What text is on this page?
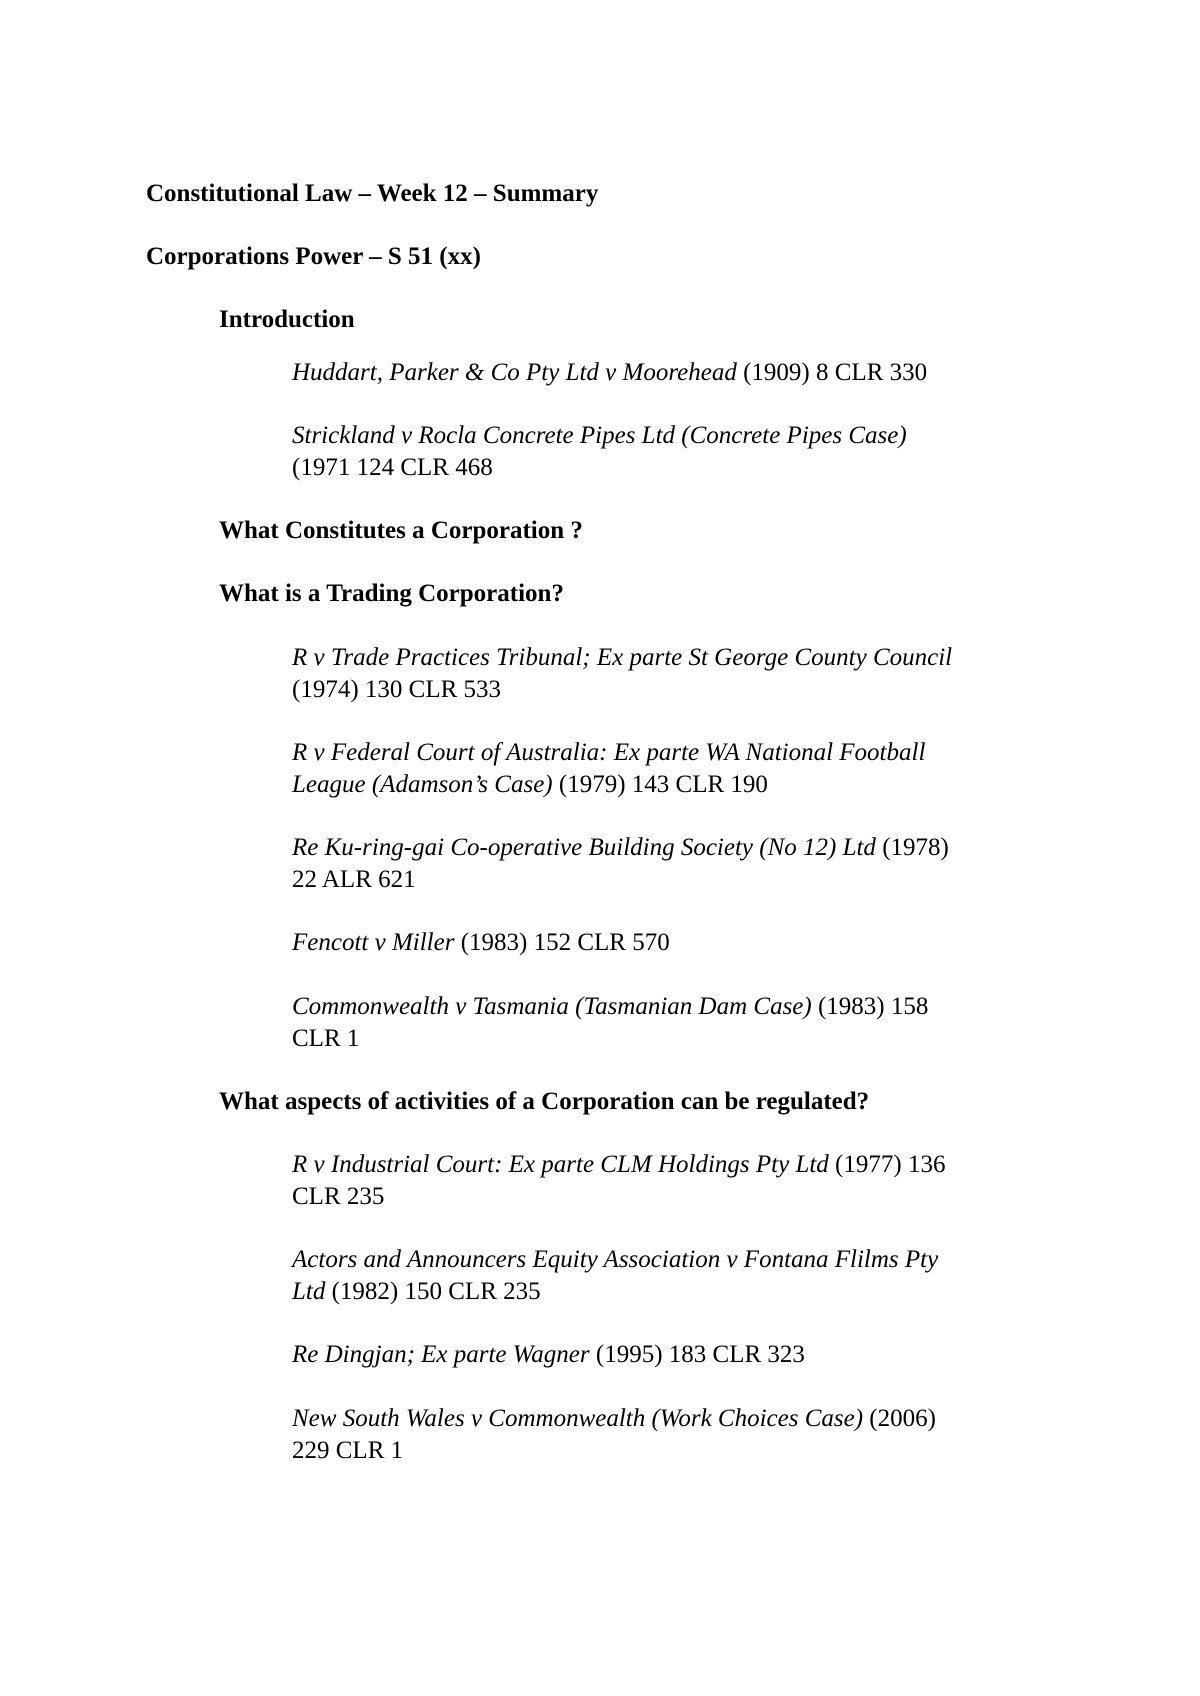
Constitutional Law – Week 12 – Summary
Corporations Power – S 51 (xx)
Introduction
Huddart, Parker & Co Pty Ltd v Moorehead (1909) 8 CLR 330
Strickland v Rocla Concrete Pipes Ltd (Concrete Pipes Case)
(1971 124 CLR 468
What Constitutes a Corporation ?
What is a Trading Corporation?
R v Trade Practices Tribunal; Ex parte St George County Council
(1974) 130 CLR 533
R v Federal Court of Australia: Ex parte WA National Football
League (Adamson’s Case) (1979) 143 CLR 190
Re Ku-ring-gai Co-operative Building Society (No 12) Ltd (1978)
22 ALR 621
Fencott v Miller (1983) 152 CLR 570
Commonwealth v Tasmania (Tasmanian Dam Case) (1983) 158
CLR 1
What aspects of activities of a Corporation can be regulated?
R v Industrial Court: Ex parte CLM Holdings Pty Ltd (1977) 136
CLR 235
Actors and Announcers Equity Association v Fontana Flilms Pty
Ltd (1982) 150 CLR 235
Re Dingjan; Ex parte Wagner (1995) 183 CLR 323
New South Wales v Commonwealth (Work Choices Case) (2006)
229 CLR 1
